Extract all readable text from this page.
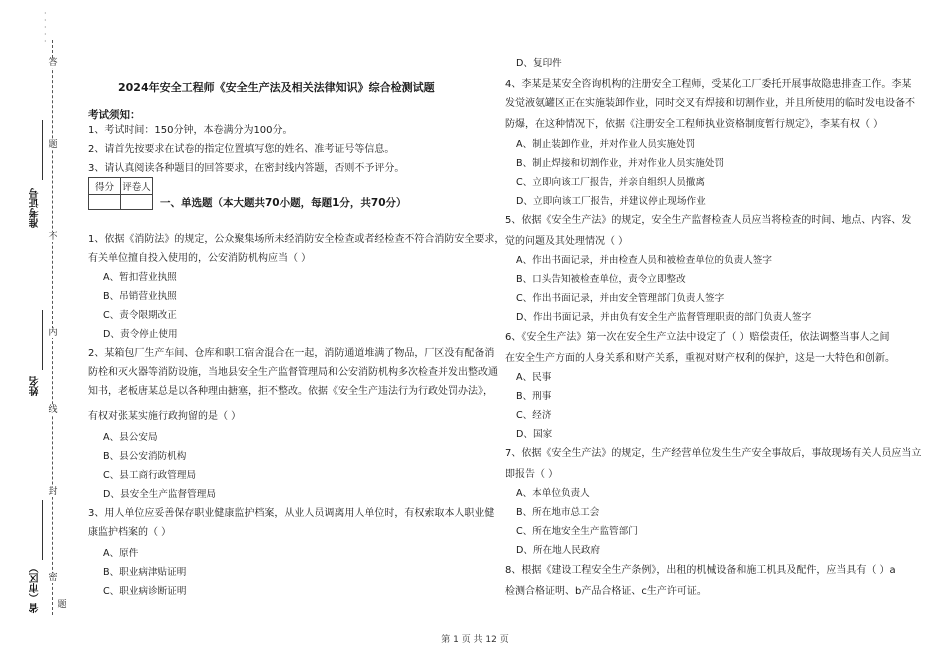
·
·
·
·
·
答
题
不
内
线
封
准考证号
姓名
省（市区） 密
题
2024年安全工程师《安全生产法及相关法律知识》综合检测试题
考试须知：
1、考试时间：150分钟，本卷满分为100分。
2、请首先按要求在试卷的指定位置填写您的姓名、准考证号等信息。
3、请认真阅读各种题目的回答要求，在密封线内答题，否则不予评分。
得分	评卷人

一、单选题（本大题共70小题，每题1分，共70分）
1、依据《消防法》的规定，公众聚集场所未经消防安全检查或者经检查不符合消防安全要求，
有关单位擅自投入使用的，公安消防机构应当（ ）
A、暂扣营业执照
B、吊销营业执照
C、责令限期改正
D、责令停止使用
2、某箱包厂生产车间、仓库和职工宿舍混合在一起，消防通道堆满了物品，厂区没有配备消
防栓和灭火器等消防设施，当地县安全生产监督管理局和公安消防机构多次检查并发出整改通
知书，老板唐某总是以各种理由搪塞，拒不整改。依据《安全生产违法行为行政处罚办法》，
有权对张某实施行政拘留的是（ ）
A、县公安局
B、县公安消防机构
C、县工商行政管理局
D、县安全生产监督管理局
3、用人单位应妥善保存职业健康监护档案，从业人员调离用人单位时，有权索取本人职业健
康监护档案的（ ）
A、原件
B、职业病津贴证明
C、职业病诊断证明
D、复印件
4、李某是某安全咨询机构的注册安全工程师，受某化工厂委托开展事故隐患排查工作。李某
发觉液氨罐区正在实施装卸作业，同时交叉有焊接和切割作业，并且所使用的临时发电设备不
防爆，在这种情况下，依据《注册安全工程师执业资格制度暂行规定》，李某有权（ ）
A、制止装卸作业，并对作业人员实施处罚
B、制止焊接和切割作业，并对作业人员实施处罚
C、立即向该工厂报告，并亲自组织人员撤离
D、立即向该工厂报告，并建议停止现场作业
5、依据《安全生产法》的规定，安全生产监督检查人员应当将检查的时间、地点、内容、发
觉的问题及其处理情况（ ）
A、作出书面记录，并由检查人员和被检查单位的负责人签字
B、口头告知被检查单位，责令立即整改
C、作出书面记录，并由安全管理部门负责人签字
D、作出书面记录，并由负有安全生产监督管理职责的部门负责人签字
6、《安全生产法》第一次在安全生产立法中设定了（ ）赔偿责任，依法调整当事人之间
在安全生产方面的人身关系和财产关系，重视对财产权利的保护，这是一大特色和创新。
A、民事
B、刑事
C、经济
D、国家
7、依据《安全生产法》的规定，生产经营单位发生生产安全事故后，事故现场有关人员应当立
即报告（ ）
A、本单位负责人
B、所在地市总工会
C、所在地安全生产监管部门
D、所在地人民政府
8、根据《建设工程安全生产条例》，出租的机械设备和施工机具及配件，应当具有（ ）a
检测合格证明、b产品合格证、c生产许可证。
第 1 页 共 12 页
